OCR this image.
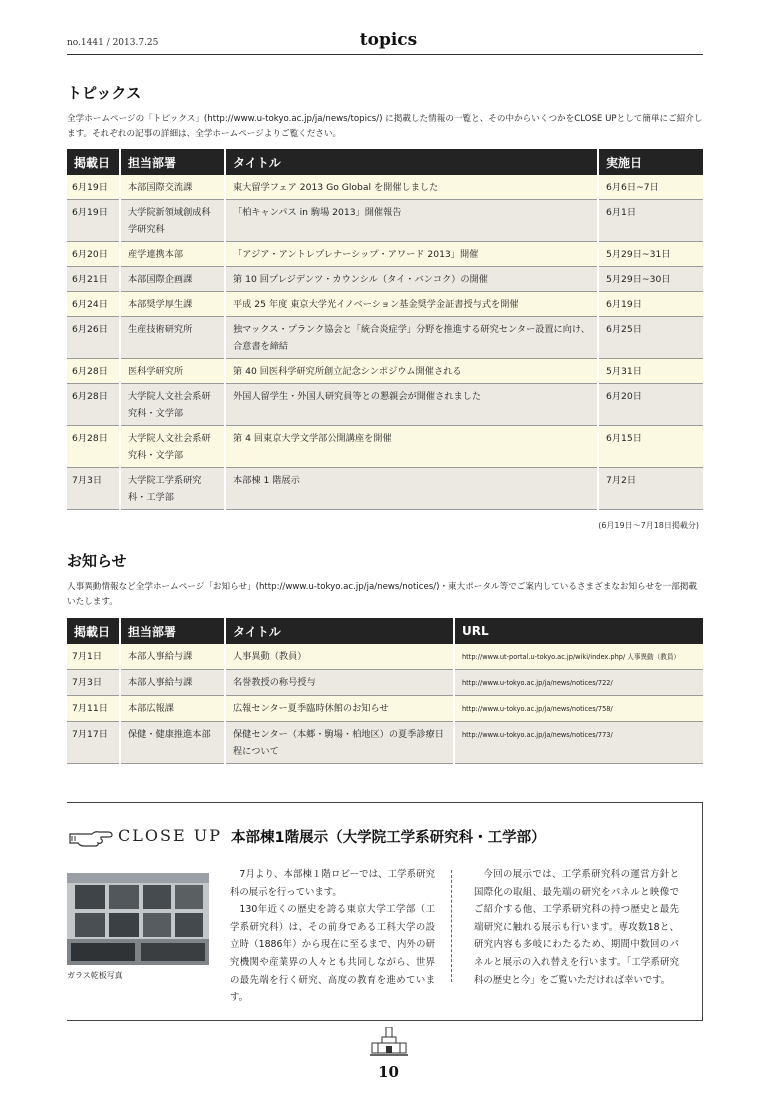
no.1441 / 2013.7.25	topics
トピックス
全学ホームページの「トピックス」(http://www.u-tokyo.ac.jp/ja/news/topics/) に掲載した情報の一覧と、その中からいくつかをCLOSE UPとして簡単にご紹介します。それぞれの記事の詳細は、全学ホームページよりご覧ください。
掲載日	担当部署	タイトル	実施日
6月19日	本部国際交流課	東大留学フェア 2013 Go Global を開催しました	6月6日~7日
6月19日	大学院新領域創成科学研究科	「柏キャンパス in 駒場 2013」開催報告	6月1日
6月20日	産学連携本部	「アジア・アントレプレナーシップ・アワード 2013」開催	5月29日~31日
6月21日	本部国際企画課	第 10 回プレジデンツ・カウンシル（タイ・バンコク）の開催	5月29日~30日
6月24日	本部奨学厚生課	平成 25 年度 東京大学光イノベーション基金奨学金証書授与式を開催	6月19日
6月26日	生産技術研究所	独マックス・プランク協会と「統合炎症学」分野を推進する研究センター設置に向け、合意書を締結	6月25日
6月28日	医科学研究所	第 40 回医科学研究所創立記念シンポジウム開催される	5月31日
6月28日	大学院人文社会系研究科・文学部	外国人留学生・外国人研究員等との懇親会が開催されました	6月20日
6月28日	大学院人文社会系研究科・文学部	第 4 回東京大学文学部公開講座を開催	6月15日
7月3日	大学院工学系研究科・工学部	本部棟 1 階展示	7月2日
(6月19日〜7月18日掲載分)
お知らせ
人事異動情報など全学ホームページ「お知らせ」(http://www.u-tokyo.ac.jp/ja/news/notices/)・東大ポータル等でご案内しているさまざまなお知らせを一部掲載いたします。
掲載日	担当部署	タイトル	URL
7月1日	本部人事給与課	人事異動（教員）	http://www.ut-portal.u-tokyo.ac.jp/wiki/index.php/ 人事異動（教員）
7月3日	本部人事給与課	名誉教授の称号授与	http://www.u-tokyo.ac.jp/ja/news/notices/722/
7月11日	本部広報課	広報センター夏季臨時休館のお知らせ	http://www.u-tokyo.ac.jp/ja/news/notices/758/
7月17日	保健・健康推進本部	保健センター（本郷・駒場・柏地区）の夏季診療日程について	http://www.u-tokyo.ac.jp/ja/news/notices/773/
CLOSE UP 本部棟1階展示（大学院工学系研究科・工学部）
ガラス乾板写真

7月より、本部棟１階ロビーでは、工学系研究科の展示を行っています。

130年近くの歴史を誇る東京大学工学部（工学系研究科）は、その前身である工科大学の設立時（1886年）から現在に至るまで、内外の研究機関や産業界の人々とも共同しながら、世界の最先端を行く研究、高度の教育を進めています。

今回の展示では、工学系研究科の運営方針と国際化の取組、最先端の研究をパネルと映像でご紹介する他、工学系研究科の持つ歴史と最先端研究に触れる展示も行います。専攻数18と、研究内容も多岐にわたるため、期間中数回のパネルと展示の入れ替えを行います。「工学系研究科の歴史と今」をご覧いただければ幸いです。

10
